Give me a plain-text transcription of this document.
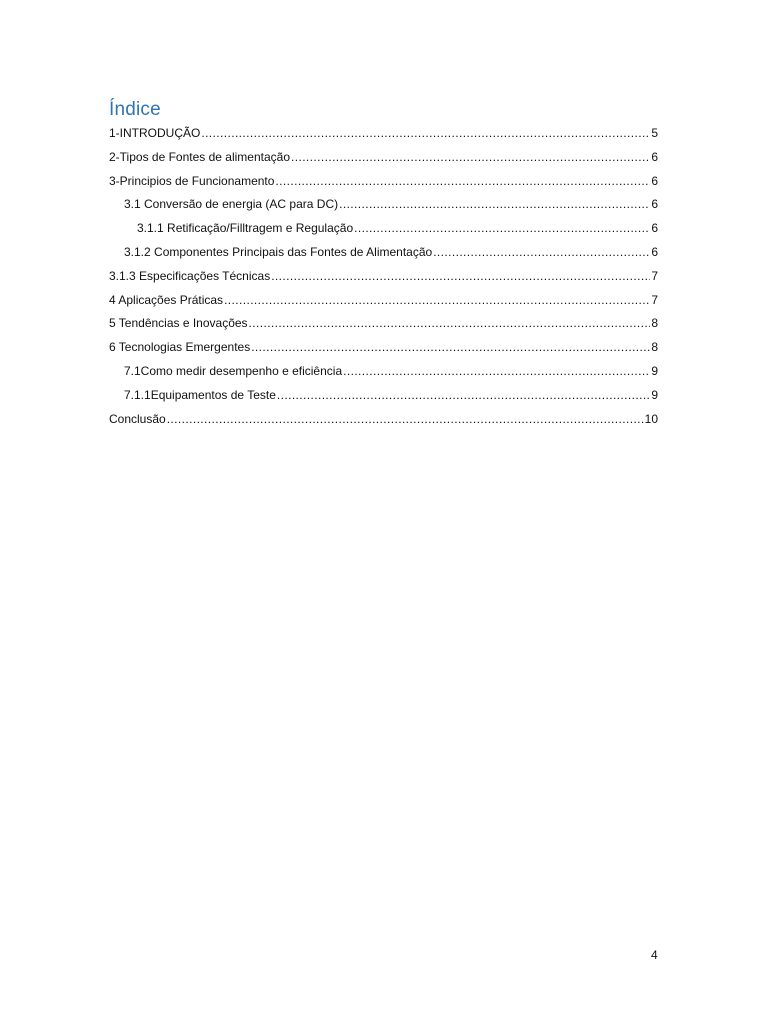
Índice
1-INTRODUÇÃO .....	5
2-Tipos de Fontes de alimentação .....	6
3-Principios de Funcionamento .....	6
3.1 Conversão de energia (AC para DC) .....	6
3.1.1 Retificação/Filltragem e Regulação .....	6
3.1.2 Componentes Principais das Fontes de Alimentação .....	6
3.1.3 Especificações Técnicas .....	7
4 Aplicações Práticas .....	7
5 Tendências e Inovações .....	8
6 Tecnologias Emergentes .....	8
7.1Como medir desempenho e eficiência .....	9
7.1.1Equipamentos de Teste .....	9
Conclusão .....	10
4
